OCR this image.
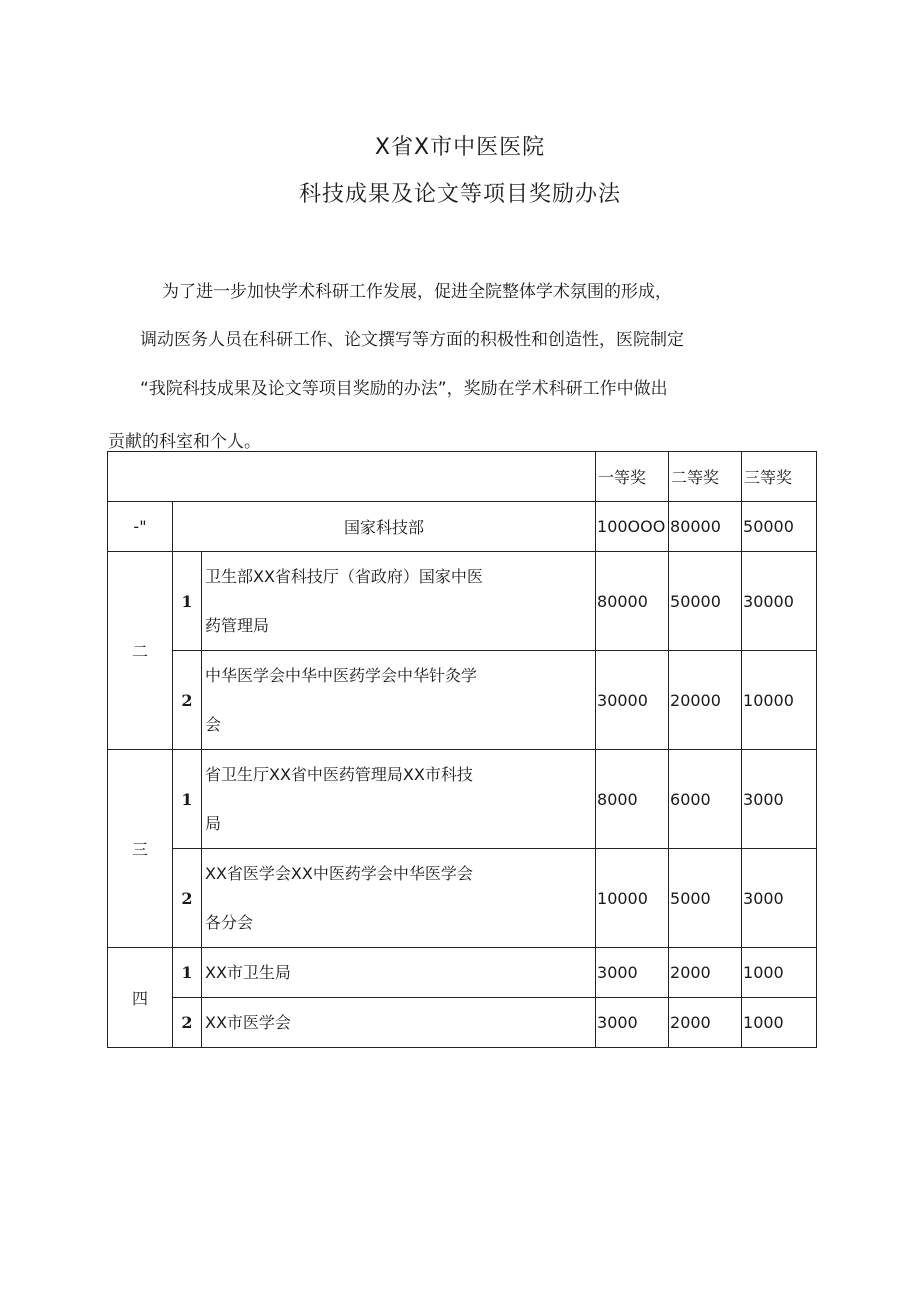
X省X市中医医院
科技成果及论文等项目奖励办法
为了进一步加快学术科研工作发展，促进全院整体学术氛围的形成，
调动医务人员在科研工作、论文撰写等方面的积极性和创造性，医院制定
“我院科技成果及论文等项目奖励的办法”，奖励在学术科研工作中做出
贡献的科室和个人。
			一等奖	二等奖	三等奖
-"	国家科技部		100OOO	80000	50000
二	1	卫生部XX省科技厅（省政府）国家中医
药管理局	80000	50000	30000
	2	中华医学会中华中医药学会中华针灸学
会	30000	20000	10000
三	1	省卫生厅XX省中医药管理局XX市科技
局	8000	6000	3000
	2	XX省医学会XX中医药学会中华医学会
各分会	10000	5000	3000
四	1	XX市卫生局	3000	2000	1000
	2	XX市医学会	3000	2000	1000
